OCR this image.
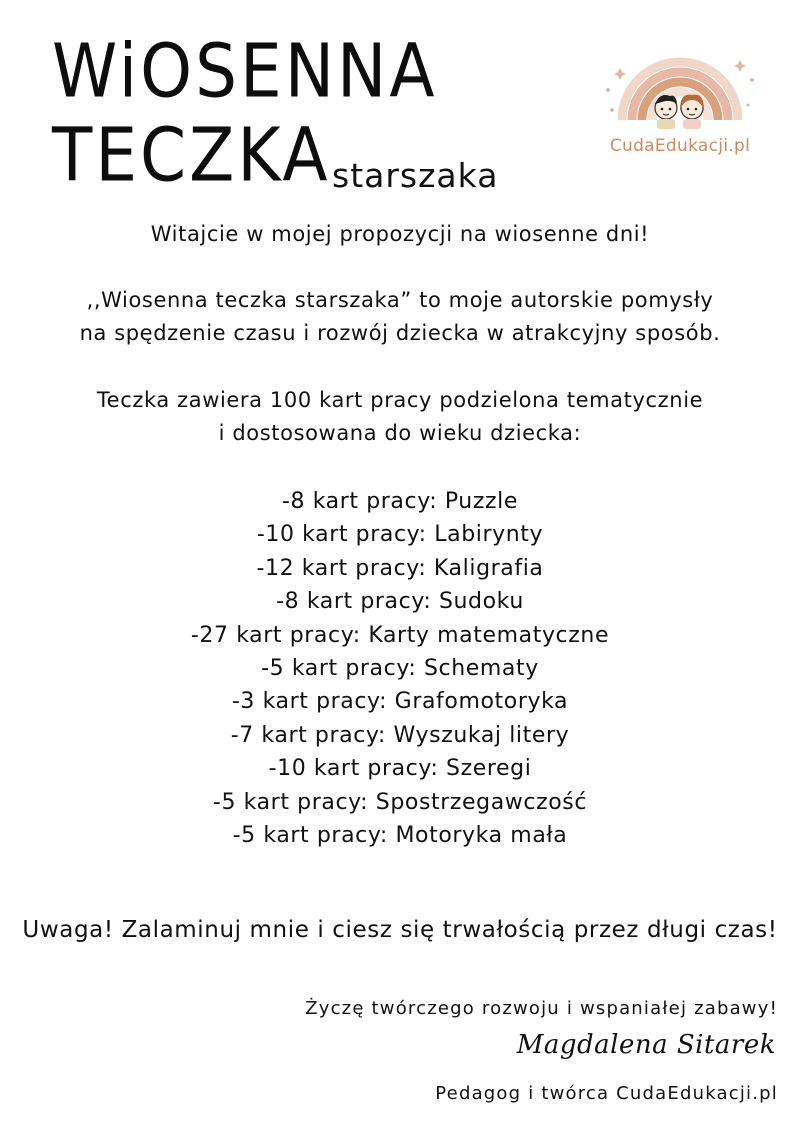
WiOSENNA
TECZKA starszaka
CudaEdukacji.pl
Witajcie w mojej propozycji na wiosenne dni!
,,Wiosenna teczka starszaka” to moje autorskie pomysły
na spędzenie czasu i rozwój dziecka w atrakcyjny sposób.
Teczka zawiera 100 kart pracy podzielona tematycznie
i dostosowana do wieku dziecka:
-8 kart pracy: Puzzle
-10 kart pracy: Labirynty
-12 kart pracy: Kaligrafia
-8 kart pracy: Sudoku
-27 kart pracy: Karty matematyczne
-5 kart pracy: Schematy
-3 kart pracy: Grafomotoryka
-7 kart pracy: Wyszukaj litery
-10 kart pracy: Szeregi
-5 kart pracy: Spostrzegawczość
-5 kart pracy: Motoryka mała
Uwaga! Zalaminuj mnie i ciesz się trwałością przez długi czas!
Życzę twórczego rozwoju i wspaniałej zabawy!
Magdalena Sitarek
Pedagog i twórca CudaEdukacji.pl
